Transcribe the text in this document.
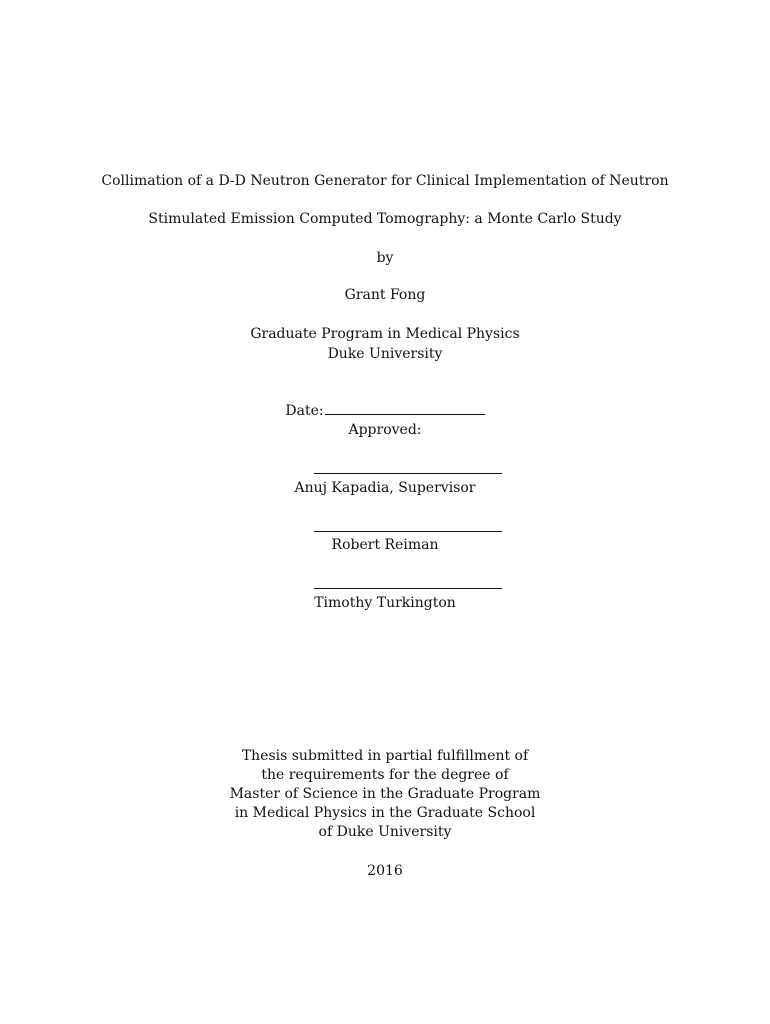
Collimation of a D-D Neutron Generator for Clinical Implementation of Neutron
Stimulated Emission Computed Tomography: a Monte Carlo Study
by
Grant Fong
Graduate Program in Medical Physics
Duke University
Date:
Approved:
Anuj Kapadia, Supervisor
Robert Reiman
Timothy Turkington
Thesis submitted in partial fulfillment of
the requirements for the degree of
Master of Science in the Graduate Program
in Medical Physics in the Graduate School
of Duke University
2016
